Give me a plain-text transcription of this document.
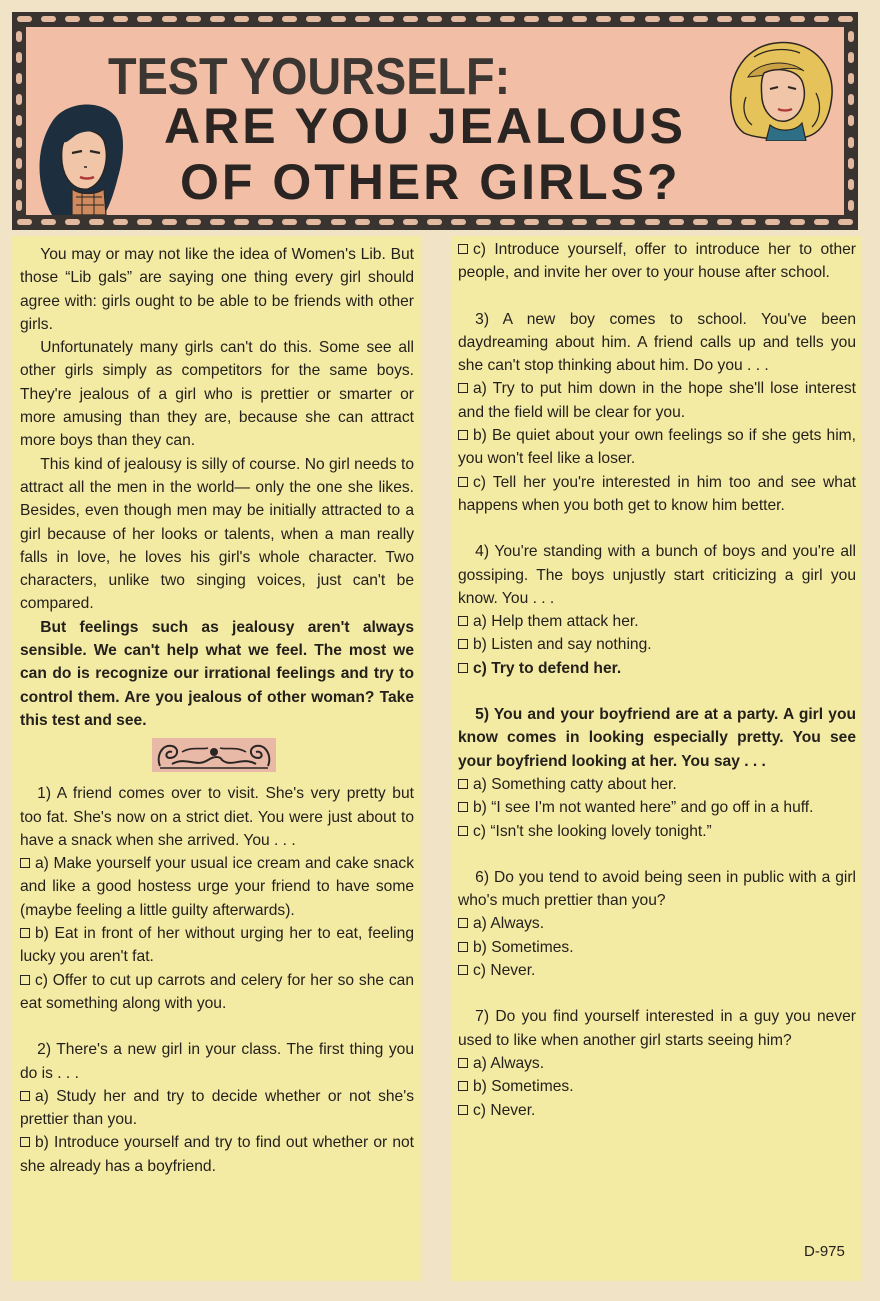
TEST YOURSELF:
ARE YOU JEALOUS
OF OTHER GIRLS?

You may or may not like the idea of Women's Lib. But those “Lib gals” are saying one thing every girl should agree with: girls ought to be able to be friends with other girls.

Unfortunately many girls can't do this. Some see all other girls simply as competitors for the same boys. They're jealous of a girl who is prettier or smarter or more amusing than they are, because she can attract more boys than they can.

This kind of jealousy is silly of course. No girl needs to attract all the men in the world— only the one she likes. Besides, even though men may be initially attracted to a girl because of her looks or talents, when a man really falls in love, he loves his girl's whole character. Two characters, unlike two singing voices, just can't be compared.

But feelings such as jealousy aren't always sensible. We can't help what we feel. The most we can do is recognize our irrational feelings and try to control them. Are you jealous of other woman? Take this test and see.

1) A friend comes over to visit. She's very pretty but too fat. She's now on a strict diet. You were just about to have a snack when she arrived. You . . .

a) Make yourself your usual ice cream and cake snack and like a good hostess urge your friend to have some (maybe feeling a little guilty afterwards).

b) Eat in front of her without urging her to eat, feeling lucky you aren't fat.

c) Offer to cut up carrots and celery for her so she can eat something along with you.

2) There's a new girl in your class. The first thing you do is . . .

a) Study her and try to decide whether or not she's prettier than you.

b) Introduce yourself and try to find out whether or not she already has a boyfriend.

c) Introduce yourself, offer to introduce her to other people, and invite her over to your house after school.

3) A new boy comes to school. You've been daydreaming about him. A friend calls up and tells you she can't stop thinking about him. Do you . . .

a) Try to put him down in the hope she'll lose interest and the field will be clear for you.

b) Be quiet about your own feelings so if she gets him, you won't feel like a loser.

c) Tell her you're interested in him too and see what happens when you both get to know him better.

4) You're standing with a bunch of boys and you're all gossiping. The boys unjustly start criticizing a girl you know. You . . .

a) Help them attack her.

b) Listen and say nothing.

c) Try to defend her.

5) You and your boyfriend are at a party. A girl you know comes in looking especially pretty. You see your boyfriend looking at her. You say . . .

a) Something catty about her.

b) “I see I'm not wanted here” and go off in a huff.

c) “Isn't she looking lovely tonight.”

6) Do you tend to avoid being seen in public with a girl who's much prettier than you?

a) Always.

b) Sometimes.

c) Never.

7) Do you find yourself interested in a guy you never used to like when another girl starts seeing him?

a) Always.

b) Sometimes.

c) Never.

D-975
